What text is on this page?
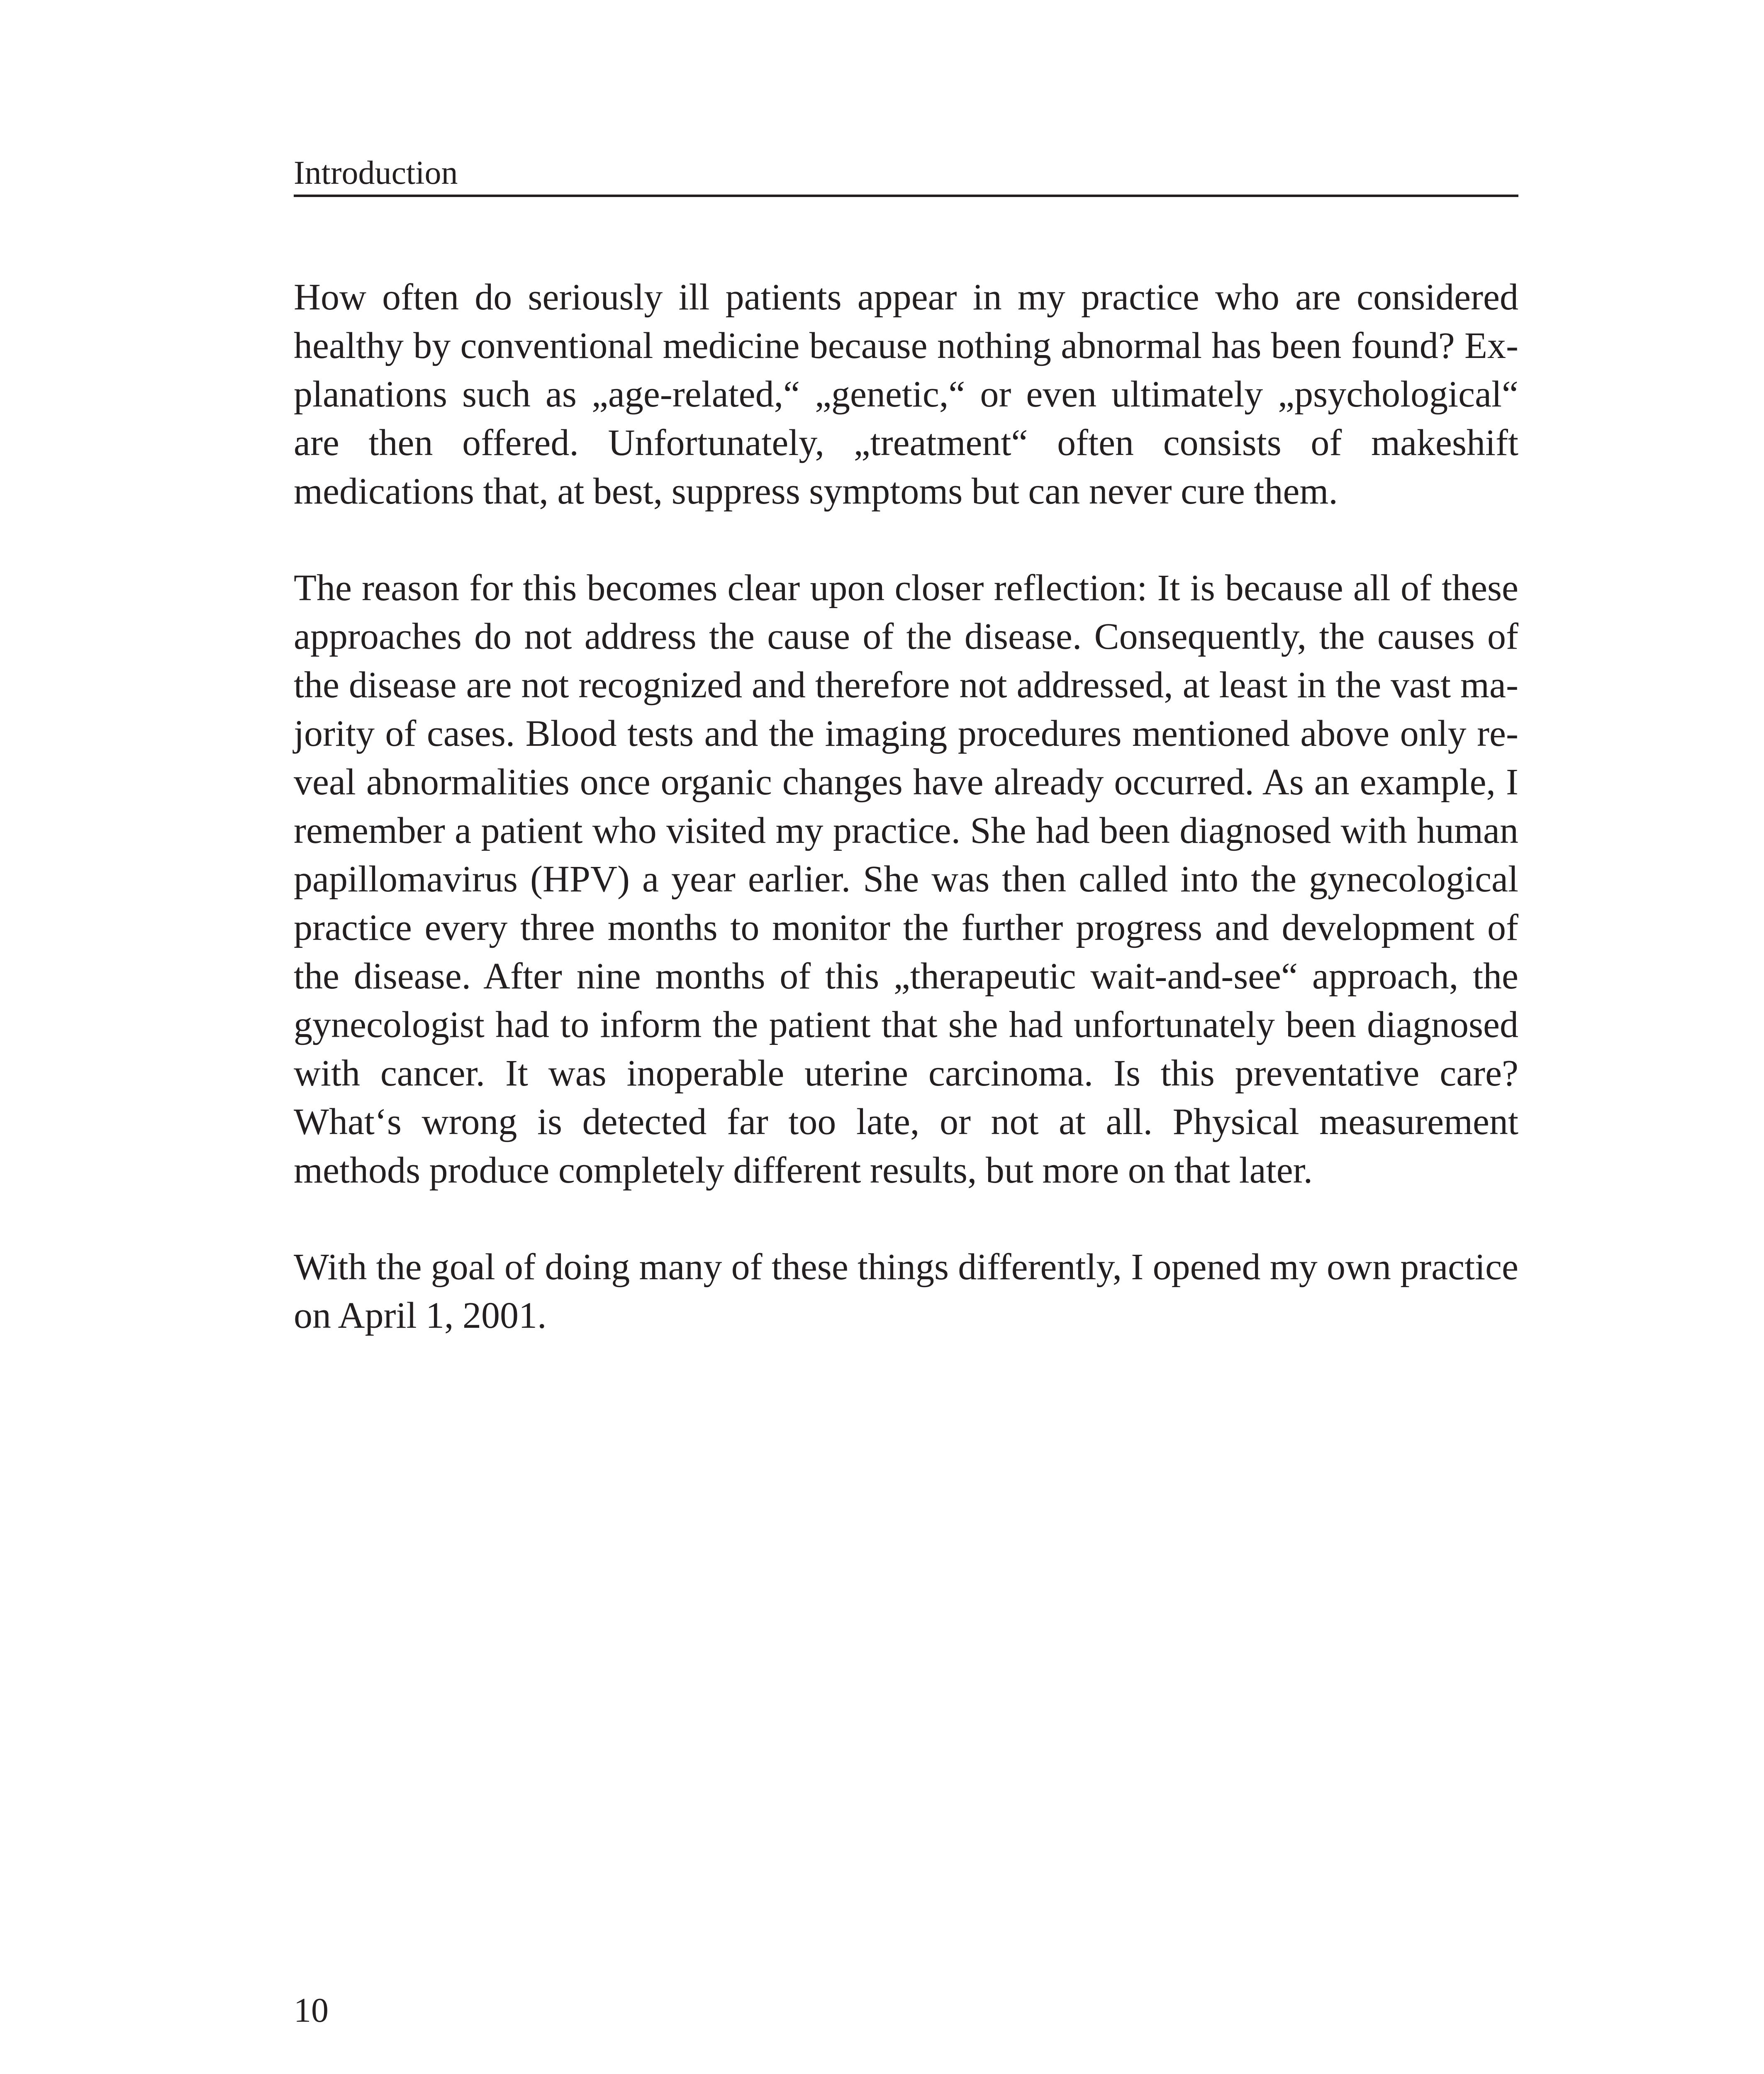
Introduction

How often do seriously ill patients appear in my practice who are considered healthy by conventional medicine because nothing abnormal has been found? Explanations such as „age-related,“ „genetic,“ or even ultimately „psychological“ are then offered. Unfortunately, „treatment“ often consists of makeshift medications that, at best, suppress symptoms but can never cure them.

The reason for this becomes clear upon closer reflection: It is because all of these approaches do not address the cause of the disease. Consequently, the causes of the disease are not recognized and therefore not addressed, at least in the vast majority of cases. Blood tests and the imaging procedures mentioned above only reveal abnormalities once organic changes have already occurred. As an example, I remember a patient who visited my practice. She had been diagnosed with human papillomavirus (HPV) a year earlier. She was then called into the gynecological practice every three months to monitor the further progress and development of the disease. After nine months of this „therapeutic wait-and-see“ approach, the gynecologist had to inform the patient that she had unfortunately been diagnosed with cancer. It was inoperable uterine carcinoma. Is this preventative care? What‘s wrong is detected far too late, or not at all. Physical measurement methods produce completely different results, but more on that later.

With the goal of doing many of these things differently, I opened my own practice on April 1, 2001.

10
